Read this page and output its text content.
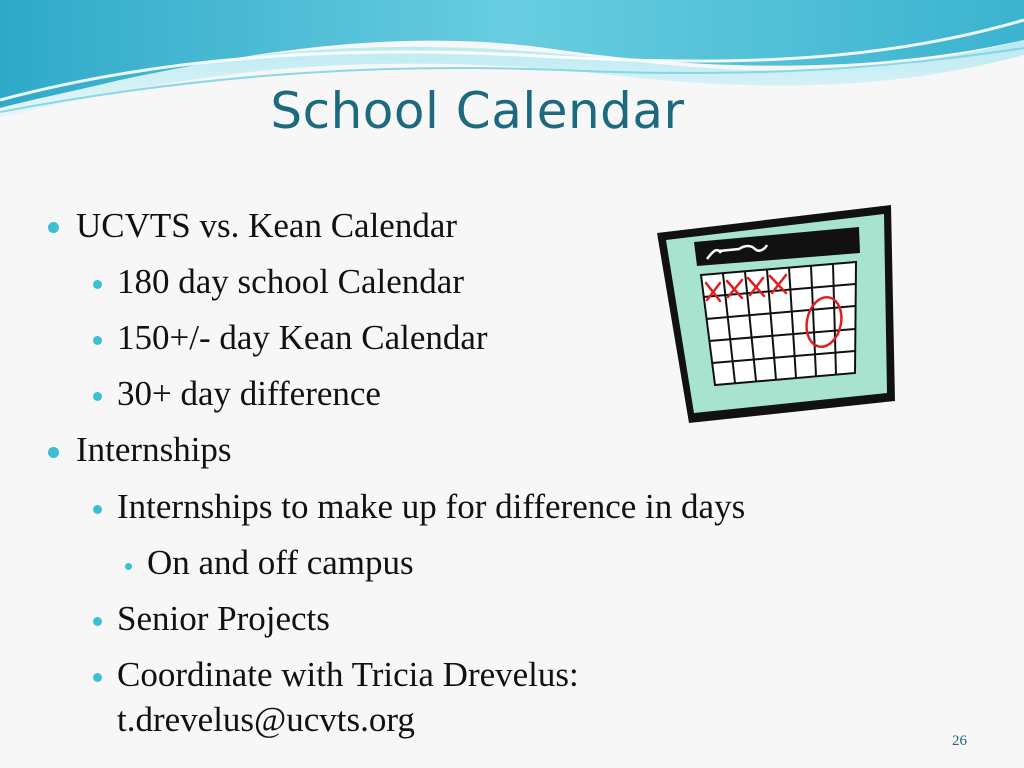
School Calendar
UCVTS vs. Kean Calendar
180 day school Calendar
150+/- day Kean Calendar
30+ day difference
Internships
Internships to make up for difference in days
On and off campus
Senior Projects
Coordinate with Tricia Drevelus:
t.drevelus@ucvts.org
26
